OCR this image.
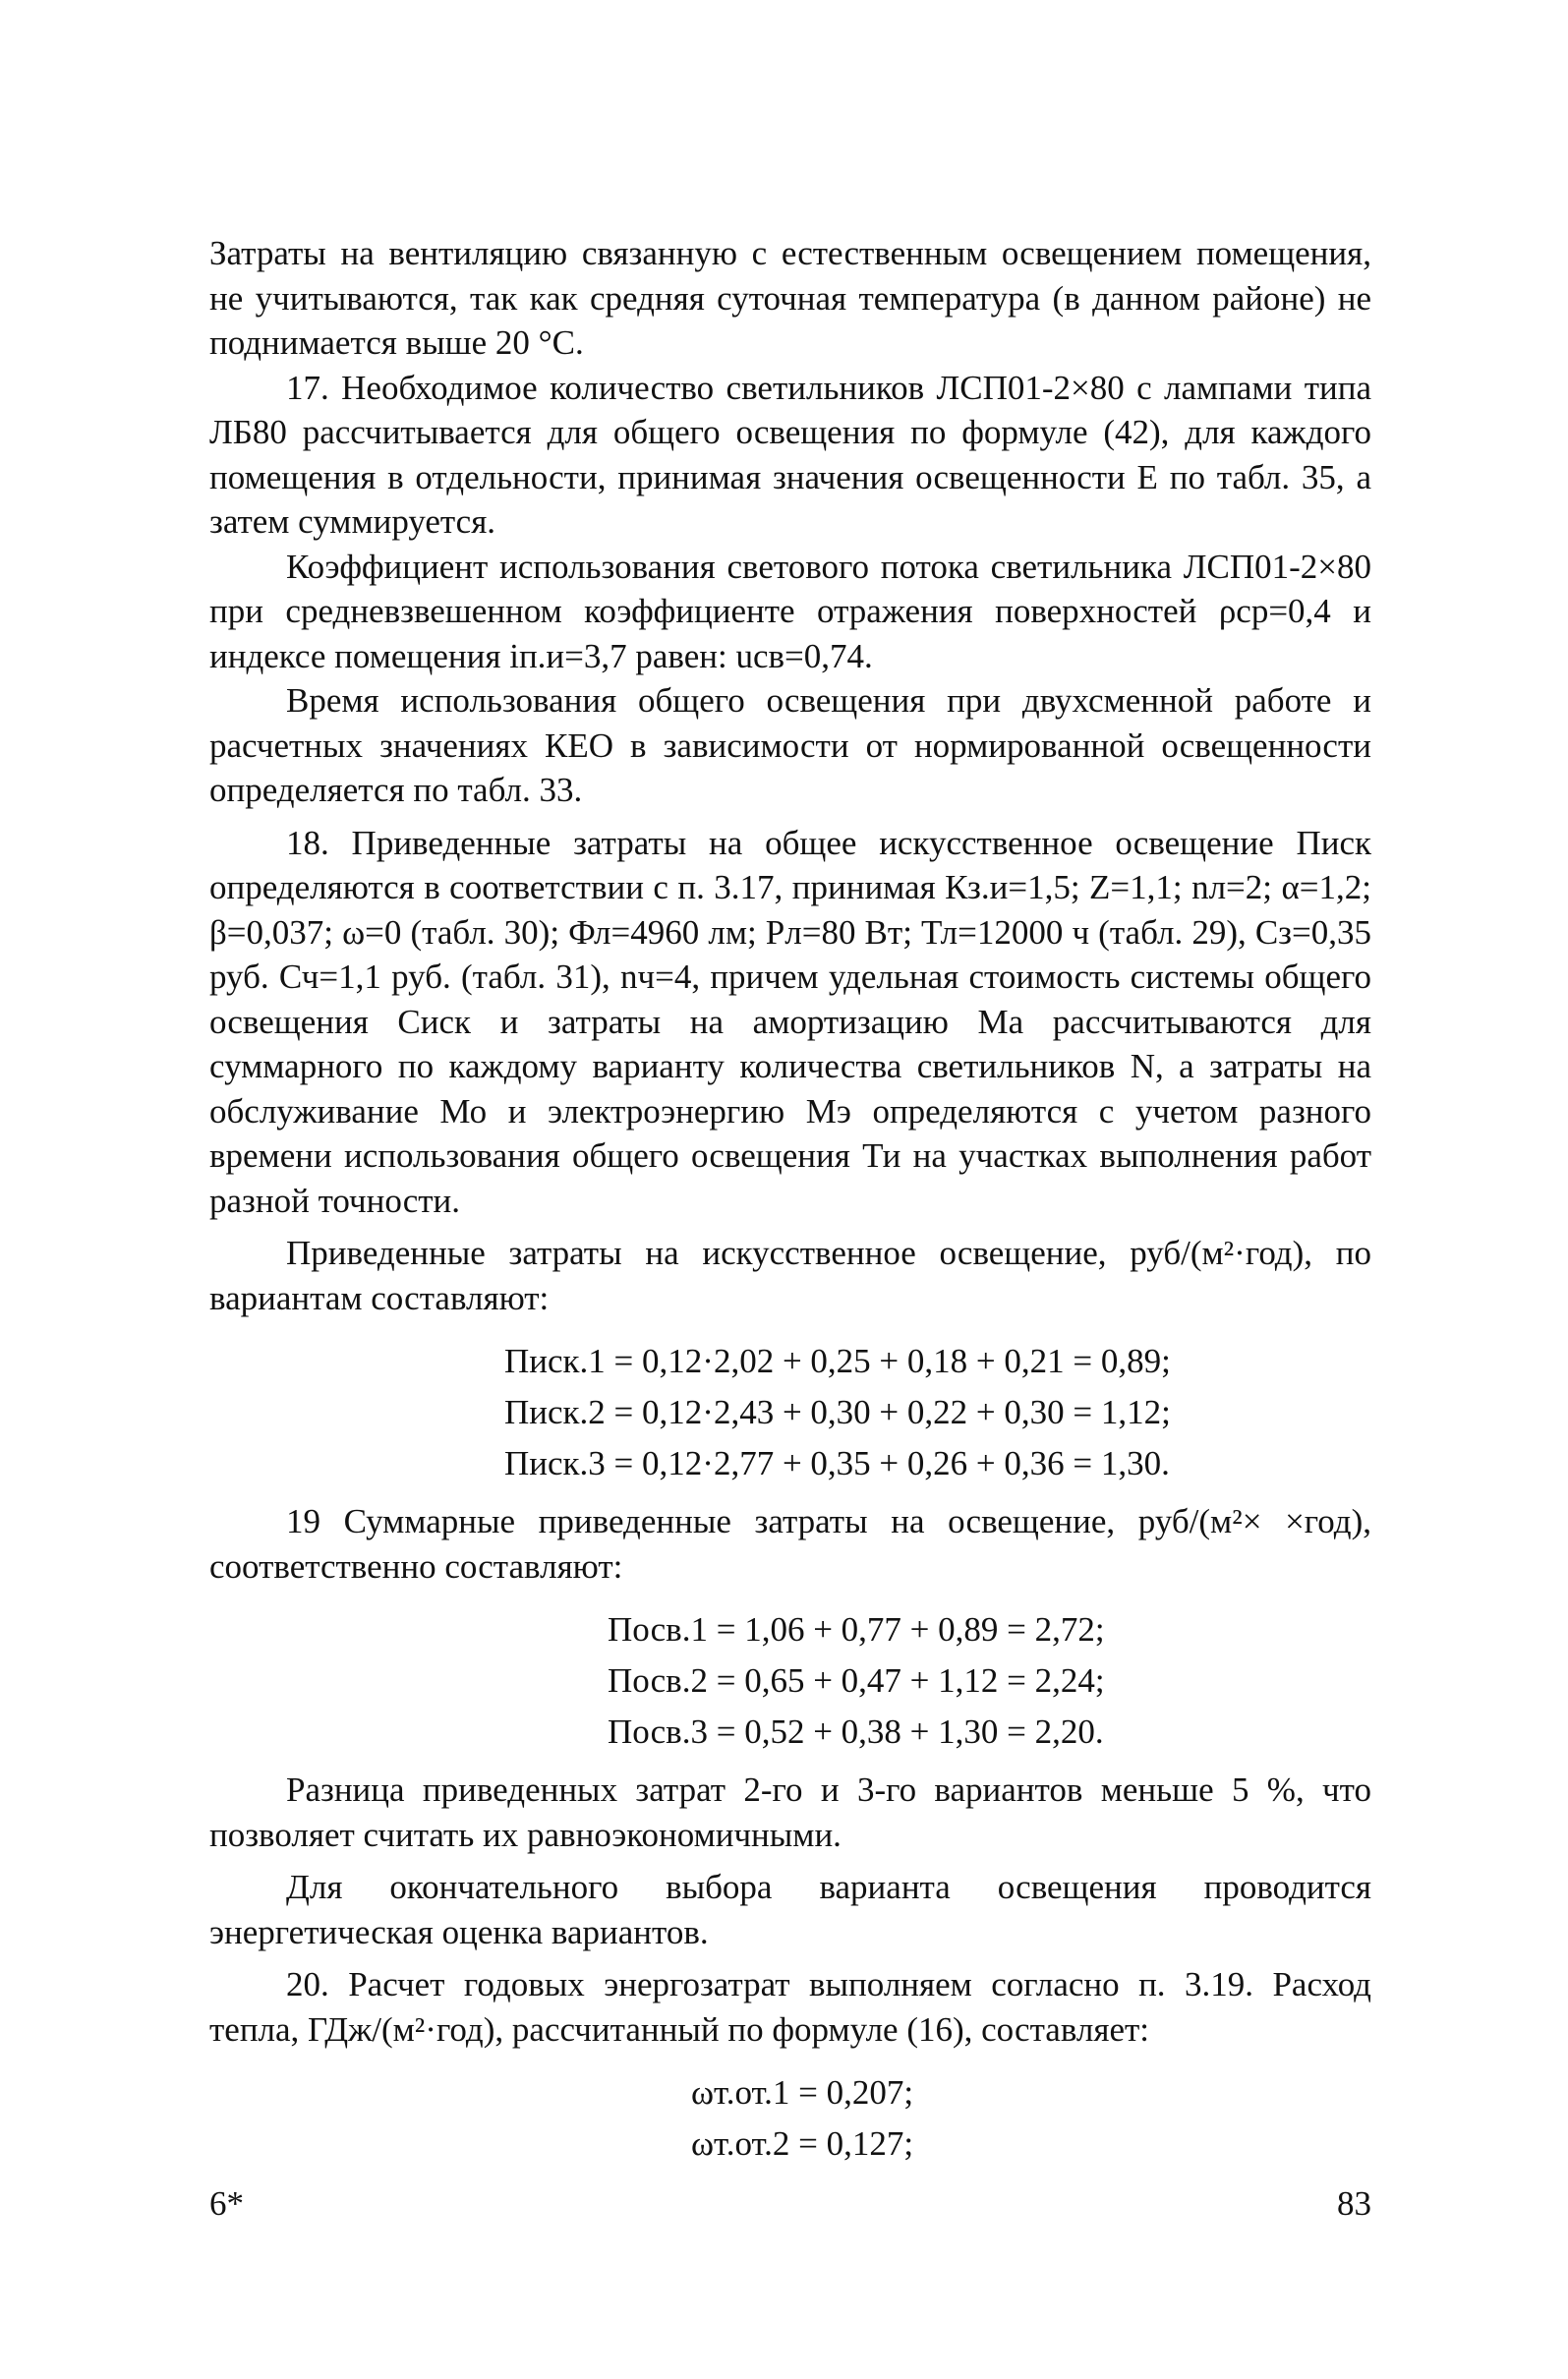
Затраты на вентиляцию связанную с естественным освещением помещения, не учитываются, так как средняя суточная температура (в данном районе) не поднимается выше 20 °С.

17. Необходимое количество светильников ЛСП01-2×80 с лампами типа ЛБ80 рассчитывается для общего освещения по формуле (42), для каждого помещения в отдельности, принимая значения освещенности Е по табл. 35, а затем суммируется.

Коэффициент использования светового потока светильника ЛСП01-2×80 при средневзвешенном коэффициенте отражения поверхностей ρср=0,4 и индексе помещения iп.и=3,7 равен: uсв=0,74.

Время использования общего освещения при двухсменной работе и расчетных значениях КЕО в зависимости от нормированной освещенности определяется по табл. 33.

18. Приведенные затраты на общее искусственное освещение Писк определяются в соответствии с п. 3.17, принимая Кз.и=1,5; Z=1,1; nл=2; α=1,2; β=0,037; ω=0 (табл. 30); Фл=4960 лм; Рл=80 Вт; Тл=12000 ч (табл. 29), Сз=0,35 руб. Сч=1,1 руб. (табл. 31), nч=4, причем удельная стоимость системы общего освещения Сиск и затраты на амортизацию Ма рассчитываются для суммарного по каждому варианту количества светильников N, а затраты на обслуживание Мо и электроэнергию Мэ определяются с учетом разного времени использования общего освещения Ти на участках выполнения работ разной точности.

Приведенные затраты на искусственное освещение, руб/(м²·год), по вариантам составляют:

Писк.1 = 0,12·2,02 + 0,25 + 0,18 + 0,21 = 0,89;
Писк.2 = 0,12·2,43 + 0,30 + 0,22 + 0,30 = 1,12;
Писк.3 = 0,12·2,77 + 0,35 + 0,26 + 0,36 = 1,30.

19 Суммарные приведенные затраты на освещение, руб/(м²× ×год), соответственно составляют:

Посв.1 = 1,06 + 0,77 + 0,89 = 2,72;
Посв.2 = 0,65 + 0,47 + 1,12 = 2,24;
Посв.3 = 0,52 + 0,38 + 1,30 = 2,20.

Разница приведенных затрат 2-го и 3-го вариантов меньше 5 %, что позволяет считать их равноэкономичными.

Для окончательного выбора варианта освещения проводится энергетическая оценка вариантов.

20. Расчет годовых энергозатрат выполняем согласно п. 3.19. Расход тепла, ГДж/(м²·год), рассчитанный по формуле (16), составляет:

ωт.от.1 = 0,207;
ωт.от.2 = 0,127;
6*	83
